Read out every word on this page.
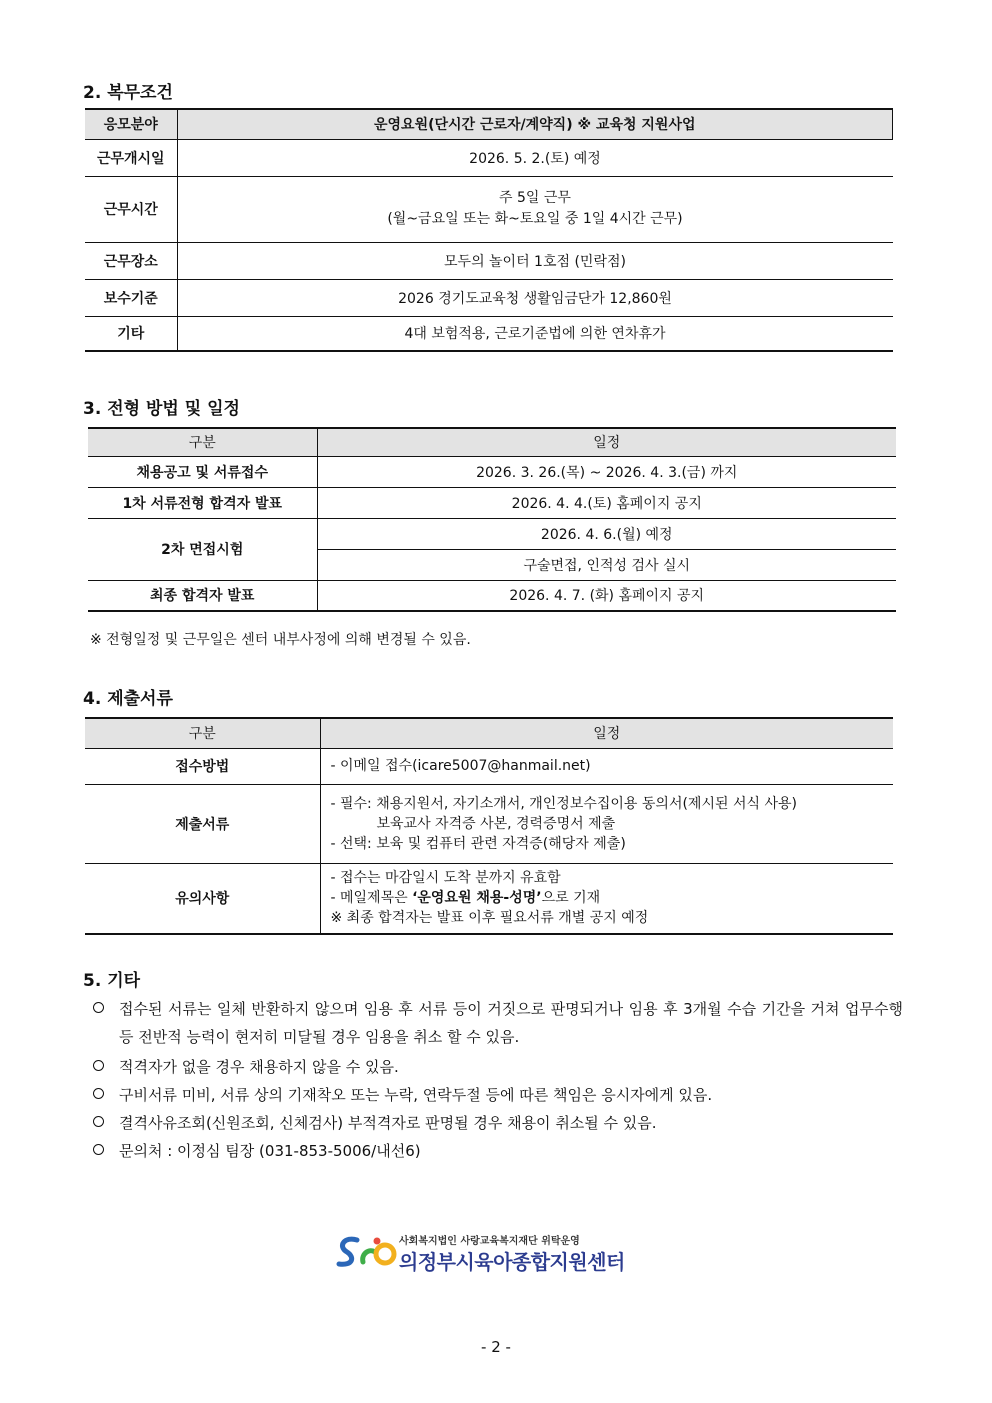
2. 복무조건
응모분야	운영요원(단시간 근로자/계약직) ※ 교육청 지원사업
근무개시일	2026. 5. 2.(토) 예정
근무시간	주 5일 근무
(월~금요일 또는 화~토요일 중 1일 4시간 근무)

근무장소	모두의 놀이터 1호점 (민락점)
보수기준	2026 경기도교육청 생활임금단가 12,860원
기타	4대 보험적용, 근로기준법에 의한 연차휴가
3. 전형 방법 및 일정
구분	일정
채용공고 및 서류접수	2026. 3. 26.(목) ~ 2026. 4. 3.(금) 까지
1차 서류전형 합격자 발표	2026. 4. 4.(토) 홈페이지 공지
2차 면접시험	2026. 4. 6.(월) 예정
	구술면접, 인적성 검사 실시
최종 합격자 발표	2026. 4. 7. (화) 홈페이지 공지
※ 전형일정 및 근무일은 센터 내부사정에 의해 변경될 수 있음.
4. 제출서류
구분	일정
접수방법	- 이메일 접수(icare5007@hanmail.net)
제출서류	- 필수: 채용지원서, 자기소개서, 개인정보수집이용 동의서(제시된 서식 사용)
보육교사 자격증 사본, 경력증명서 제출
- 선택: 보육 및 컴퓨터 관련 자격증(해당자 제출)

유의사항	- 접수는 마감일시 도착 분까지 유효함
- 메일제목은 ‘운영요원 채용-성명’으로 기재
※ 최종 합격자는 발표 이후 필요서류 개별 공지 예정
5. 기타
접수된 서류는 일체 반환하지 않으며 임용 후 서류 등이 거짓으로 판명되거나 임용 후 3개월 수습 기간을 거쳐 업무수행 등 전반적 능력이 현저히 미달될 경우 임용을 취소 할 수 있음.
적격자가 없을 경우 채용하지 않을 수 있음.
구비서류 미비, 서류 상의 기재착오 또는 누락, 연락두절 등에 따른 책임은 응시자에게 있음.
결격사유조회(신원조회, 신체검사) 부적격자로 판명될 경우 채용이 취소될 수 있음.
문의처 : 이정심 팀장 (031-853-5006/내선6)
사회복지법인 사랑교육복지재단 위탁운영
의정부시육아종합지원센터
- 2 -
